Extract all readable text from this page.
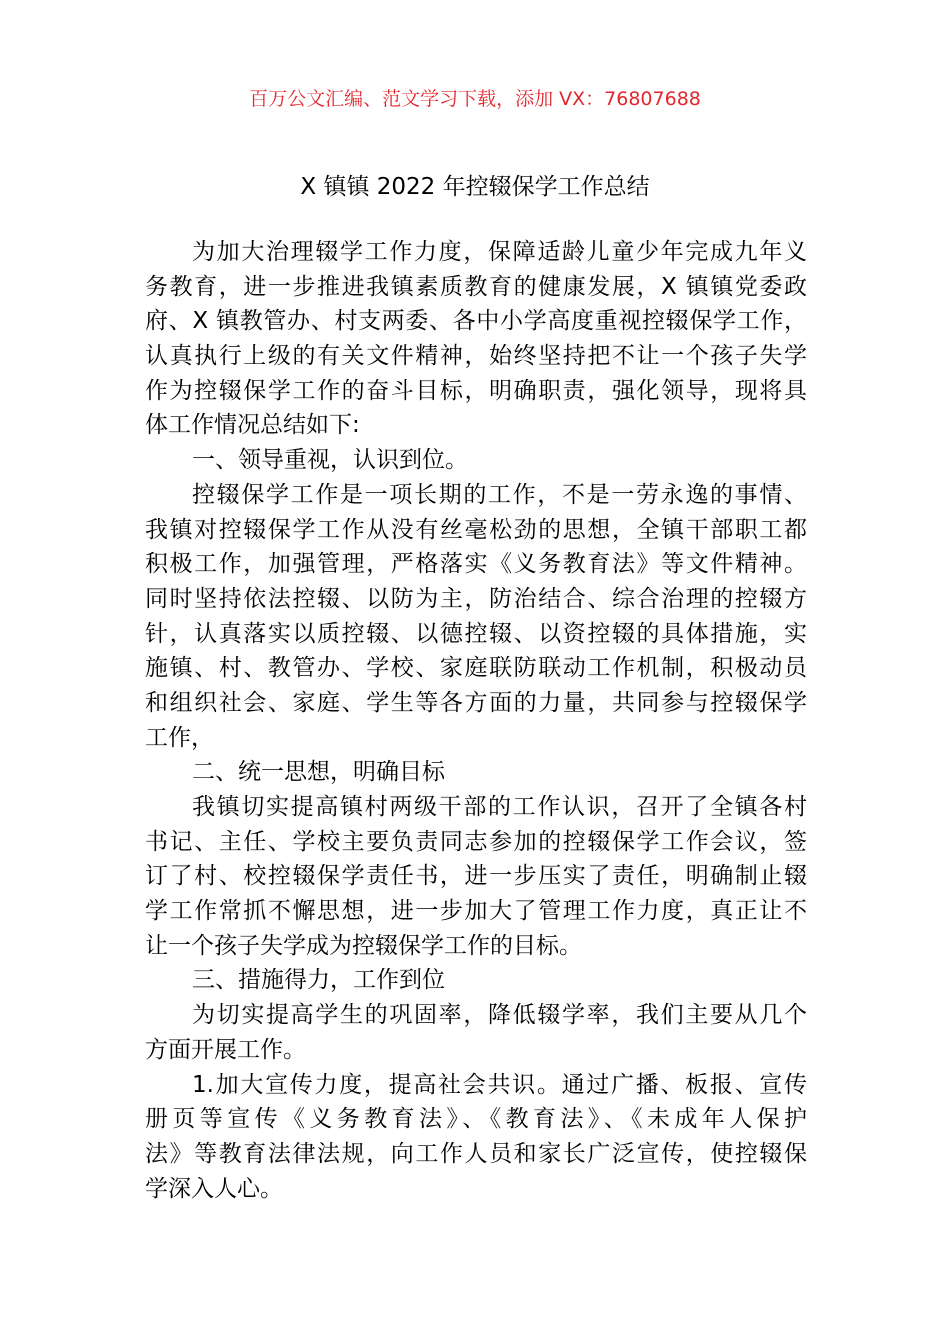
百万公文汇编、范文学习下载，添加 VX：76807688
X 镇镇 2022 年控辍保学工作总结
为加大治理辍学工作力度，保障适龄儿童少年完成九年义
务教育，进一步推进我镇素质教育的健康发展，X 镇镇党委政
府、X 镇教管办、村支两委、各中小学高度重视控辍保学工作，
认真执行上级的有关文件精神，始终坚持把不让一个孩子失学
作为控辍保学工作的奋斗目标，明确职责，强化领导，现将具
体工作情况总结如下:
一、领导重视，认识到位。
控辍保学工作是一项长期的工作，不是一劳永逸的事情、
我镇对控辍保学工作从没有丝毫松劲的思想，全镇干部职工都
积极工作，加强管理，严格落实《义务教育法》等文件精神。
同时坚持依法控辍、以防为主，防治结合、综合治理的控辍方
针，认真落实以质控辍、以德控辍、以资控辍的具体措施，实
施镇、村、教管办、学校、家庭联防联动工作机制，积极动员
和组织社会、家庭、学生等各方面的力量，共同参与控辍保学
工作，
二、统一思想，明确目标
我镇切实提高镇村两级干部的工作认识，召开了全镇各村
书记、主任、学校主要负责同志参加的控辍保学工作会议，签
订了村、校控辍保学责任书，进一步压实了责任，明确制止辍
学工作常抓不懈思想，进一步加大了管理工作力度，真正让不
让一个孩子失学成为控辍保学工作的目标。
三、措施得力，工作到位
为切实提高学生的巩固率，降低辍学率，我们主要从几个
方面开展工作。
1.加大宣传力度，提高社会共识。通过广播、板报、宣传
册页等宣传《义务教育法》、《教育法》、《未成年人保护
法》等教育法律法规，向工作人员和家长广泛宣传，使控辍保
学深入人心。
